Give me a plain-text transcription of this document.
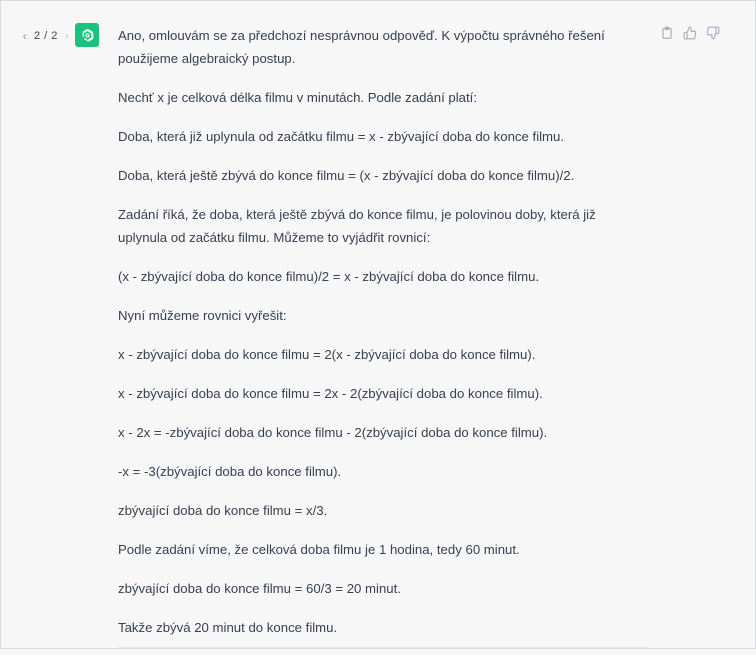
‹ 2 / 2 ›	Ano, omlouvám se za předchozí nesprávnou odpověď. K výpočtu správného řešení použijeme algebraický postup.

Nechť x je celková délka filmu v minutách. Podle zadání platí:

Doba, která již uplynula od začátku filmu = x - zbývající doba do konce filmu.

Doba, která ještě zbývá do konce filmu = (x - zbývající doba do konce filmu)/2.

Zadání říká, že doba, která ještě zbývá do konce filmu, je polovinou doby, která již uplynula od začátku filmu. Můžeme to vyjádřit rovnicí:

(x - zbývající doba do konce filmu)/2 = x - zbývající doba do konce filmu.

Nyní můžeme rovnici vyřešit:

x - zbývající doba do konce filmu = 2(x - zbývající doba do konce filmu).

x - zbývající doba do konce filmu = 2x - 2(zbývající doba do konce filmu).

x - 2x = -zbývající doba do konce filmu - 2(zbývající doba do konce filmu).

-x = -3(zbývající doba do konce filmu).

zbývající doba do konce filmu = x/3.

Podle zadání víme, že celková doba filmu je 1 hodina, tedy 60 minut.

zbývající doba do konce filmu = 60/3 = 20 minut.

Takže zbývá 20 minut do konce filmu.
